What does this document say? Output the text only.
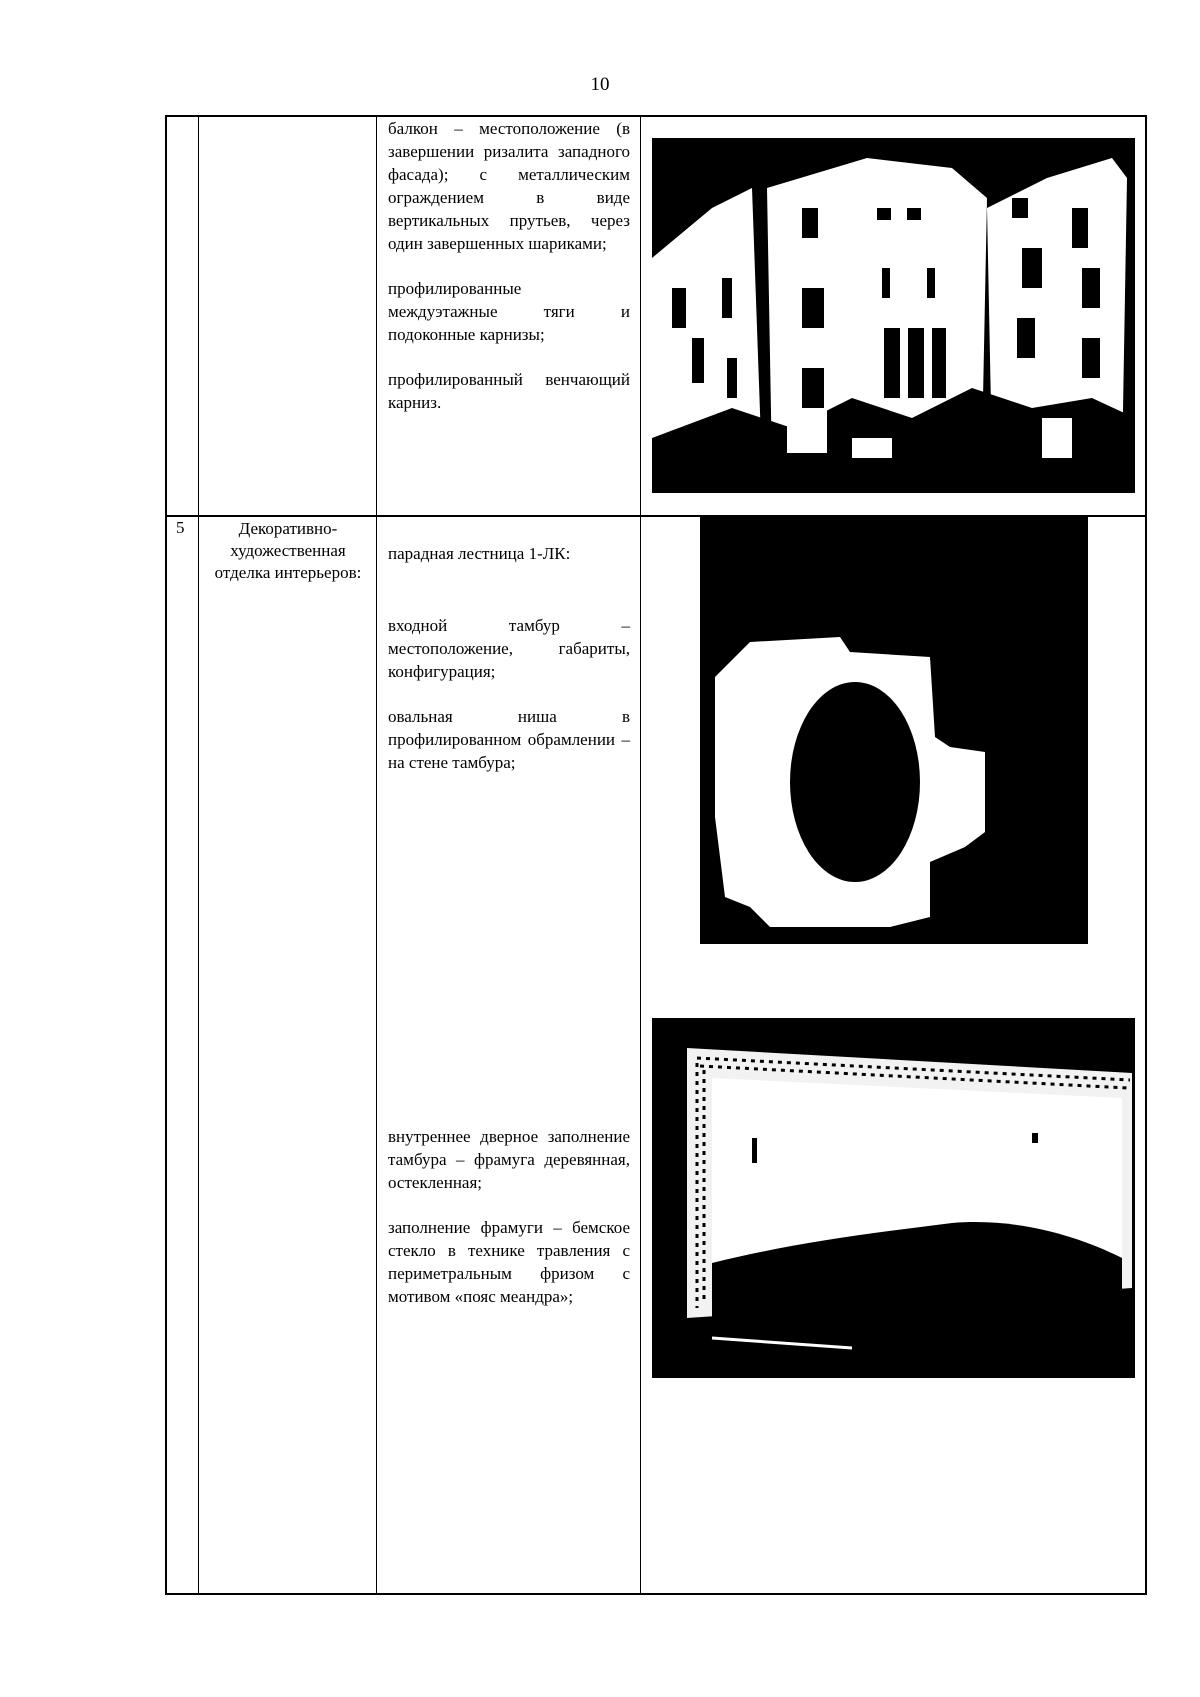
10

балкон – местоположение (в завершении ризалита западного фасада); с металлическим ограждением в виде вертикальных прутьев, через один завершенных шариками;

профилированные междуэтажные тяги и подоконные карнизы;

профилированный венчающий карниз.

5	Декоративно-художественная отделка интерьеров:

парадная лестница 1-ЛК:

входной тамбур – местоположение, габариты, конфигурация;

овальная ниша в профилированном обрамлении – на стене тамбура;

внутреннее дверное заполнение тамбура – фрамуга деревянная, остекленная;

заполнение фрамуги – бемское стекло в технике травления с периметральным фризом с мотивом «пояс меандра»;
